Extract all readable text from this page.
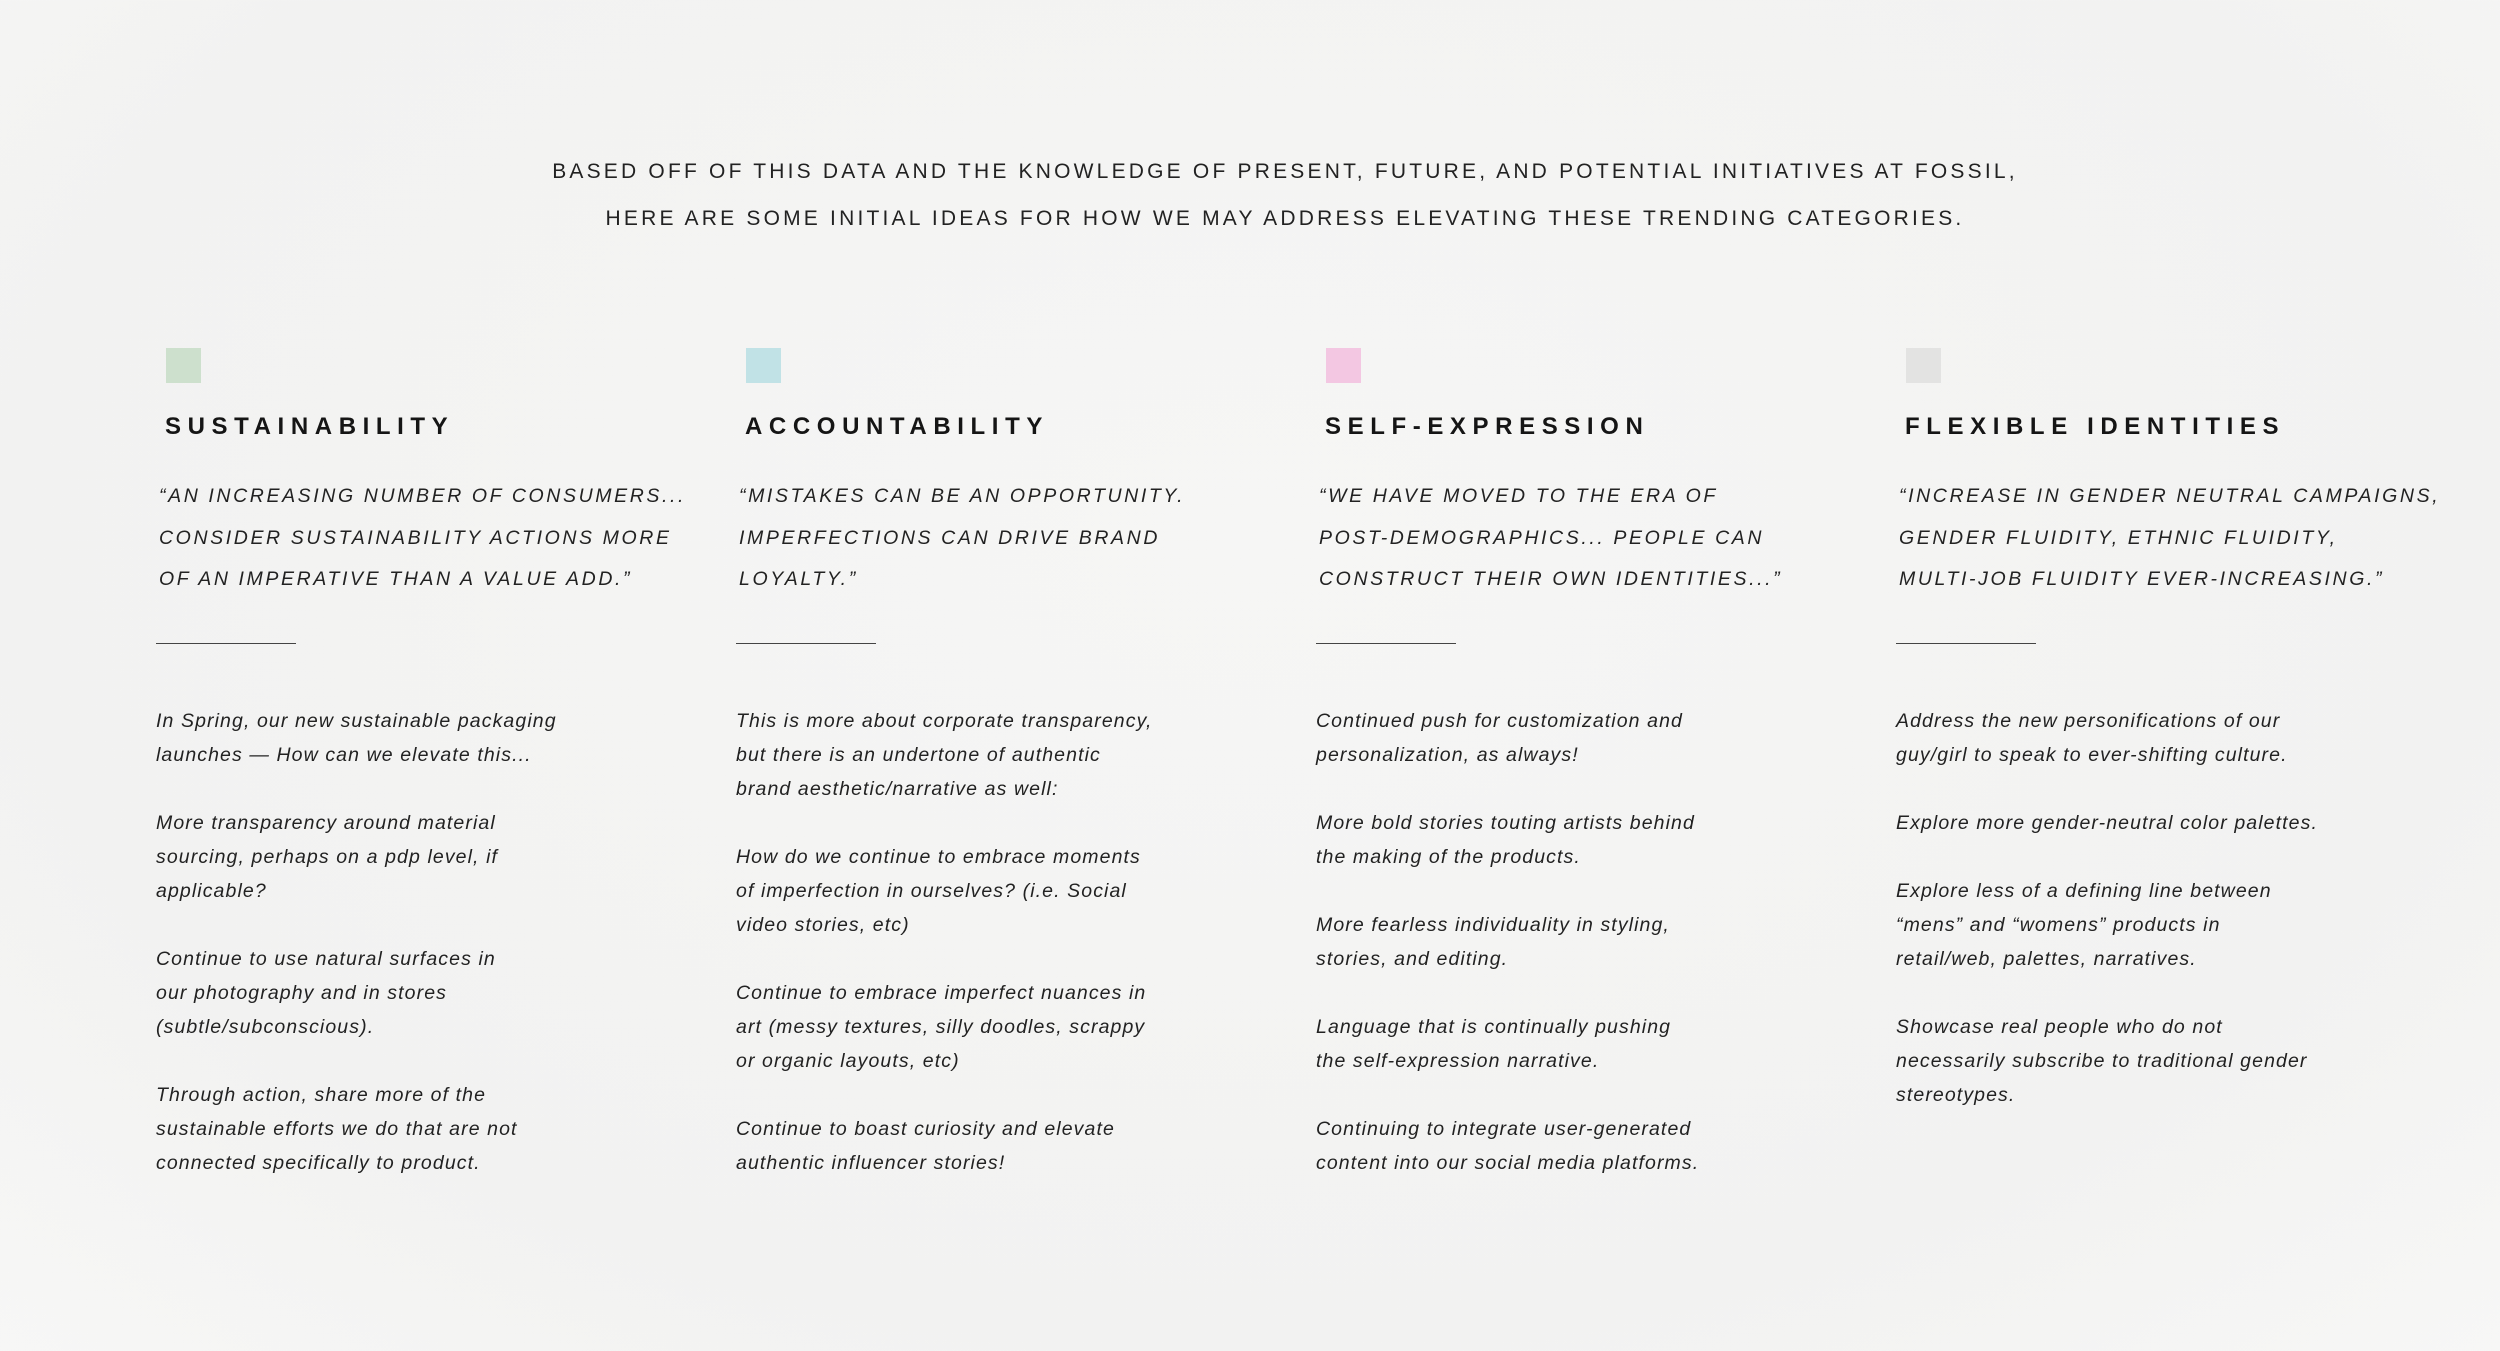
BASED OFF OF THIS DATA AND THE KNOWLEDGE OF PRESENT, FUTURE, AND POTENTIAL INITIATIVES AT FOSSIL,
HERE ARE SOME INITIAL IDEAS FOR HOW WE MAY ADDRESS ELEVATING THESE TRENDING CATEGORIES.
SUSTAINABILITY
“AN INCREASING NUMBER OF CONSUMERS...
CONSIDER SUSTAINABILITY ACTIONS MORE
OF AN IMPERATIVE THAN A VALUE ADD.”
In Spring, our new sustainable packaging
launches — How can we elevate this...
More transparency around material
sourcing, perhaps on a pdp level, if
applicable?
Continue to use natural surfaces in
our photography and in stores
(subtle/subconscious).
Through action, share more of the
sustainable efforts we do that are not
connected specifically to product.
ACCOUNTABILITY
“MISTAKES CAN BE AN OPPORTUNITY.
IMPERFECTIONS CAN DRIVE BRAND
LOYALTY.”
This is more about corporate transparency,
but there is an undertone of authentic
brand aesthetic/narrative as well:
How do we continue to embrace moments
of imperfection in ourselves? (i.e. Social
video stories, etc)
Continue to embrace imperfect nuances in
art (messy textures, silly doodles, scrappy
or organic layouts, etc)
Continue to boast curiosity and elevate
authentic influencer stories!
SELF-EXPRESSION
“WE HAVE MOVED TO THE ERA OF
POST-DEMOGRAPHICS... PEOPLE CAN
CONSTRUCT THEIR OWN IDENTITIES...”
Continued push for customization and
personalization, as always!
More bold stories touting artists behind
the making of the products.
More fearless individuality in styling,
stories, and editing.
Language that is continually pushing
the self-expression narrative.
Continuing to integrate user-generated
content into our social media platforms.
FLEXIBLE IDENTITIES
“INCREASE IN GENDER NEUTRAL CAMPAIGNS,
GENDER FLUIDITY, ETHNIC FLUIDITY,
MULTI-JOB FLUIDITY EVER-INCREASING.”
Address the new personifications of our
guy/girl to speak to ever-shifting culture.
Explore more gender-neutral color palettes.
Explore less of a defining line between
“mens” and “womens” products in
retail/web, palettes, narratives.
Showcase real people who do not
necessarily subscribe to traditional gender
stereotypes.
